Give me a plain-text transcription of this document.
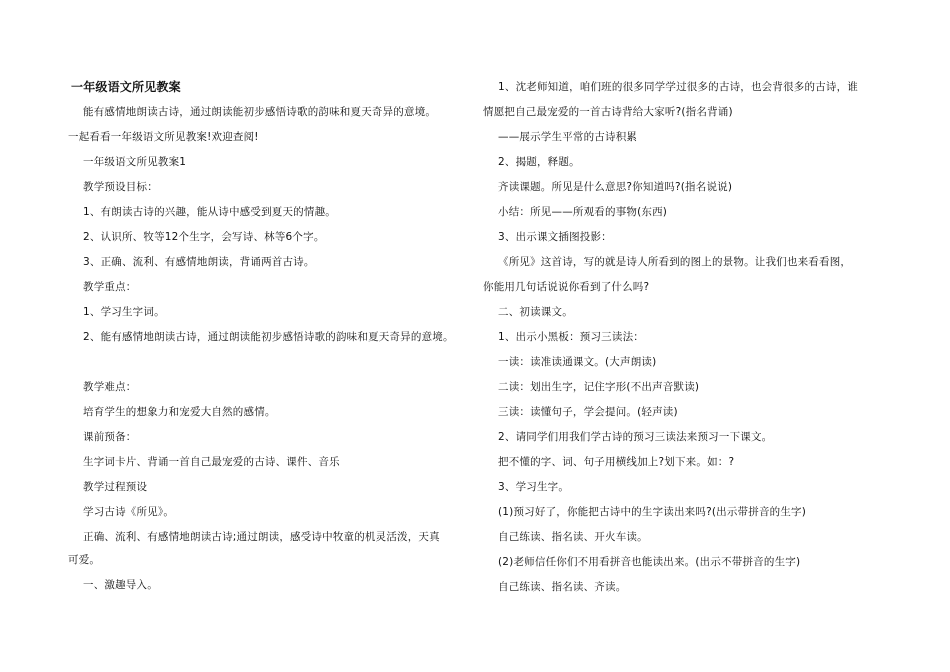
一年级语文所见教案
能有感情地朗读古诗，通过朗读能初步感悟诗歌的韵味和夏天奇异的意境。
一起看看一年级语文所见教案!欢迎查阅!
一年级语文所见教案1
教学预设目标：
1、有朗读古诗的兴趣，能从诗中感受到夏天的情趣。
2、认识所、牧等12个生字，会写诗、林等6个字。
3、正确、流利、有感情地朗读，背诵两首古诗。
教学重点：
1、学习生字词。
2、能有感情地朗读古诗，通过朗读能初步感悟诗歌的韵味和夏天奇异的意境。
教学难点：
培育学生的想象力和宠爱大自然的感情。
课前预备：
生字词卡片、背诵一首自己最宠爱的古诗、课件、音乐
教学过程预设
学习古诗《所见》。
正确、流利、有感情地朗读古诗;通过朗读，感受诗中牧童的机灵活泼，天真
可爱。
一、激趣导入。
1、沈老师知道，咱们班的很多同学学过很多的古诗，也会背很多的古诗，谁
情愿把自己最宠爱的一首古诗背给大家听?(指名背诵)
——展示学生平常的古诗积累
2、揭题，释题。
齐读课题。所见是什么意思?你知道吗?(指名说说)
小结：所见——所观看的事物(东西)
3、出示课文插图投影：
《所见》这首诗，写的就是诗人所看到的图上的景物。让我们也来看看图，
你能用几句话说说你看到了什么吗?
二、初读课文。
1、出示小黑板：预习三读法：
一读：读准读通课文。(大声朗读)
二读：划出生字，记住字形(不出声音默读)
三读：读懂句子，学会提问。(轻声读)
2、请同学们用我们学古诗的预习三读法来预习一下课文。
把不懂的字、词、句子用横线加上?划下来。如：?
3、学习生字。
(1)预习好了，你能把古诗中的生字读出来吗?(出示带拼音的生字)
自己练读、指名读、开火车读。
(2)老师信任你们不用看拼音也能读出来。(出示不带拼音的生字)
自己练读、指名读、齐读。
